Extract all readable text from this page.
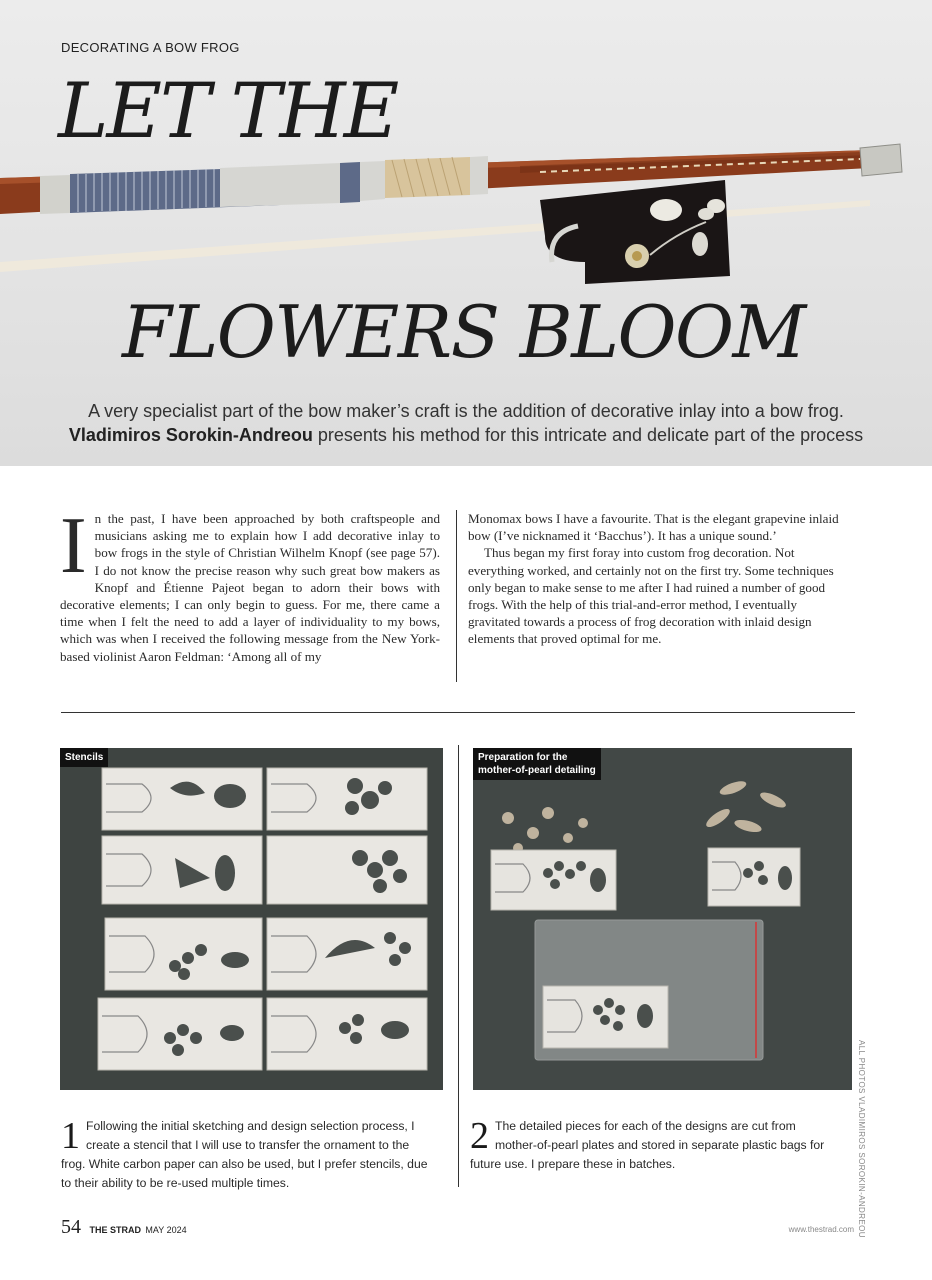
DECORATING A BOW FROG
LET THE
FLOWERS BLOOM
A very specialist part of the bow maker’s craft is the addition of decorative inlay into a bow frog.
Vladimiros Sorokin-Andreou presents his method for this intricate and delicate part of the process
In the past, I have been approached by both craftspeople and musicians asking me to explain how I add decorative inlay to bow frogs in the style of Christian Wilhelm Knopf (see page 57). I do not know the precise reason why such great bow makers as Knopf and Étienne Pajeot began to adorn their bows with decorative elements; I can only begin to guess. For me, there came a time when I felt the need to add a layer of individuality to my bows, which was when I received the following message from the New York-based violinist Aaron Feldman: ‘Among all of my
Monomax bows I have a favourite. That is the elegant grapevine inlaid bow (I’ve nicknamed it ‘Bacchus’). It has a unique sound.’
Thus began my first foray into custom frog decoration. Not everything worked, and certainly not on the first try. Some techniques only began to make sense to me after I had ruined a number of good frogs. With the help of this trial-and-error method, I eventually gravitated towards a process of frog decoration with inlaid design elements that proved optimal for me.
Stencils	Preparation for the
mother-of-pearl detailing
1 Following the initial sketching and design selection process, I create a stencil that I will use to transfer the ornament to the frog. White carbon paper can also be used, but I prefer stencils, due to their ability to be re-used multiple times.
2 The detailed pieces for each of the designs are cut from mother-of-pearl plates and stored in separate plastic bags for future use. I prepare these in batches.	ALL PHOTOS VLADIMIROS SOROKIN-ANDREOU
54 THE STRAD MAY 2024	www.thestrad.com
